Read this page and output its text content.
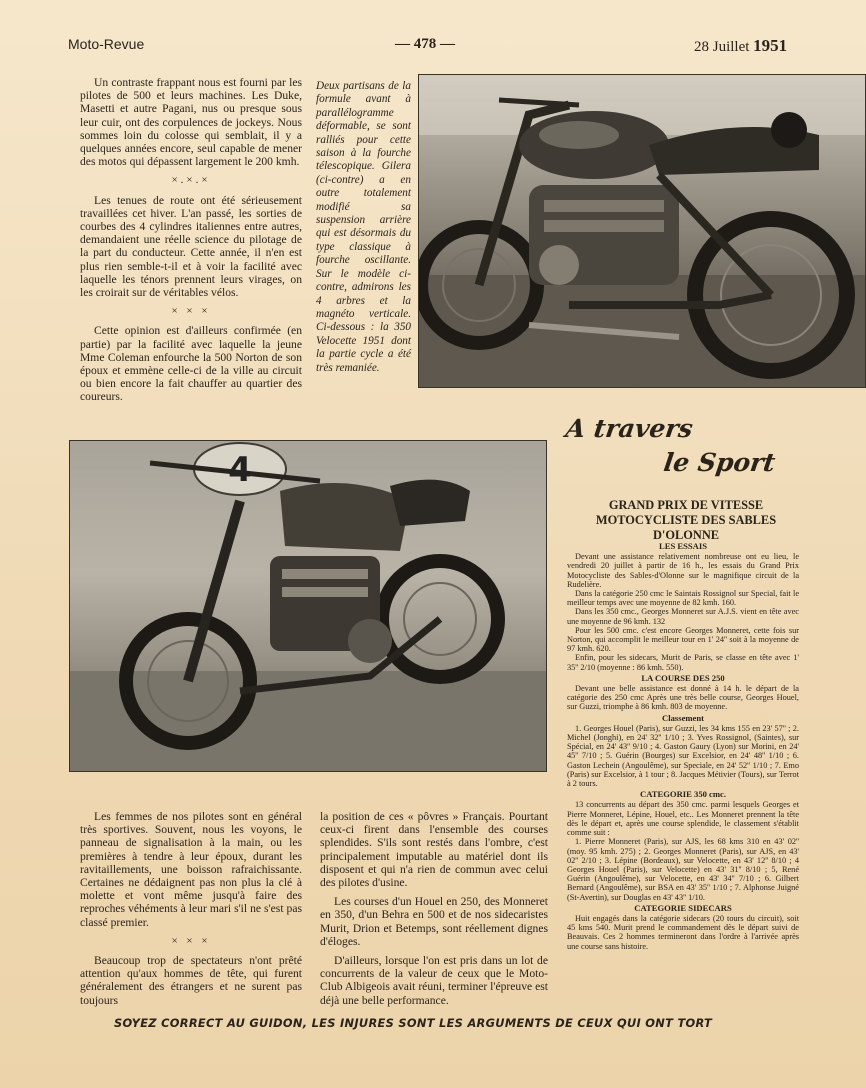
Moto-Revue	— 478 —	28 Juillet 1951

Un contraste frappant nous est fourni par les pilotes de 500 et leurs machines. Les Duke, Masetti et autre Pagani, nus ou presque sous leur cuir, ont des corpulences de jockeys. Nous sommes loin du colosse qui semblait, il y a quelques années encore, seul capable de mener des motos qui dépassent largement le 200 kmh.

×.×.×

Les tenues de route ont été sérieusement travaillées cet hiver. L'an passé, les sorties de courbes des 4 cylindres italiennes entre autres, demandaient une réelle science du pilotage de la part du conducteur. Cette année, il n'en est plus rien semble-t-il et à voir la facilité avec laquelle les ténors prennent leurs virages, on les croirait sur de véritables vélos.

× × ×

Cette opinion est d'ailleurs confirmée (en partie) par la facilité avec laquelle la jeune Mme Coleman enfourche la 500 Norton de son époux et emmène celle-ci de la ville au circuit ou bien encore la fait chauffer au quartier des coureurs.

Deux partisans de la formule avant à parallélogramme déformable, se sont ralliés pour cette saison à la fourche télescopique. Gilera (ci-contre) a en outre totalement modifié sa suspension arrière qui est désormais du type classique à fourche oscillante. Sur le modèle ci-contre, admirons les 4 arbres et la magnéto verticale. Ci-dessous : la 350 Velocette 1951 dont la partie cycle a été très remaniée.
4
A travers
le Sport
GRAND PRIX DE VITESSE MOTOCYCLISTE DES SABLES D'OLONNE
LES ESSAIS

Devant une assistance relativement nombreuse ont eu lieu, le vendredi 20 juillet à partir de 16 h., les essais du Grand Prix Motocycliste des Sables-d'Olonne sur le magnifique circuit de la Rudelière.

Dans la catégorie 250 cmc le Saintais Rossignol sur Special, fait le meilleur temps avec une moyenne de 82 kmh. 160.

Dans les 350 cmc., Georges Monneret sur A.J.S. vient en tête avec une moyenne de 96 kmh. 132

Pour les 500 cmc. c'est encore Georges Monneret, cette fois sur Norton, qui accomplit le meilleur tour en 1' 24'' soit à la moyenne de 97 kmh. 620.

Enfin, pour les sidecars, Murit de Paris, se classe en tête avec 1' 35'' 2/10 (moyenne : 86 kmh. 550).

LA COURSE DES 250

Devant une belle assistance est donné à 14 h. le départ de la catégorie des 250 cmc Après une très belle course, Georges Houel, sur Guzzi, triomphe à 86 kmh. 803 de moyenne.

Classement

1. Georges Houel (Paris), sur Guzzi, les 34 kms 155 en 23' 57'' ; 2. Michel (Jonghi), en 24' 32'' 1/10 ; 3. Yves Rossignol, (Saintes), sur Spécial, en 24' 43'' 9/10 ; 4. Gaston Gaury (Lyon) sur Morini, en 24' 45'' 7/10 ; 5. Guérin (Bourges) sur Excelsior, en 24' 48'' 1/10 ; 6. Gaston Lechein (Angoulême), sur Speciale, en 24' 52'' 1/10 ; 7. Emo (Paris) sur Excelsior, à 1 tour ; 8. Jacques Métivier (Tours), sur Terrot à 2 tours.

CATEGORIE 350 cmc.

13 concurrents au départ des 350 cmc. parmi lesquels Georges et Pierre Monneret, Lépine, Houel, etc.. Les Monneret prennent la tête dès le départ et, après une course splendide, le classement s'établit comme suit :

1. Pierre Monneret (Paris), sur AJS, les 68 kms 310 en 43' 02'' (moy. 95 kmh. 275) ; 2. Georges Monneret (Paris), sur AJS, en 43' 02'' 2/10 ; 3. Lépine (Bordeaux), sur Velocette, en 43' 12'' 8/10 ; 4 Georges Houel (Paris), sur Velocette) en 43' 31'' 8/10 ; 5, René Guérin (Angoulême), sur Velocette, en 43' 34'' 7/10 ; 6. Gilbert Bernard (Angoulême), sur BSA en 43' 35'' 1/10 ; 7. Alphonse Juigné (St-Avertin), sur Douglas en 43' 43'' 1/10.

CATEGORIE SIDECARS

Huit engagés dans la catégorie sidecars (20 tours du circuit), soit 45 kms 540. Murit prend le commandement dès le départ suivi de Beauvais. Ces 2 hommes termineront dans l'ordre à l'arrivée après une course sans histoire.

Les femmes de nos pilotes sont en général très sportives. Souvent, nous les voyons, le panneau de signalisation à la main, ou les premières à tendre à leur époux, durant les ravitaillements, une boisson rafraichissante. Certaines ne dédaignent pas non plus la clé à molette et vont même jusqu'à faire des reproches véhéments à leur mari s'il ne s'est pas classé premier.

× × ×

Beaucoup trop de spectateurs n'ont prêté attention qu'aux hommes de tête, qui furent généralement des étrangers et ne surent pas toujours

la position de ces « pôvres » Français. Pourtant ceux-ci firent dans l'ensemble des courses splendides. S'ils sont restés dans l'ombre, c'est principalement imputable au matériel dont ils disposent et qui n'a rien de commun avec celui des pilotes d'usine.

Les courses d'un Houel en 250, des Monneret en 350, d'un Behra en 500 et de nos sidecaristes Murit, Drion et Betemps, sont réellement dignes d'éloges.

D'ailleurs, lorsque l'on est pris dans un lot de concurrents de la valeur de ceux que le Moto-Club Albigeois avait réuni, terminer l'épreuve est déjà une belle performance.

SOYEZ CORRECT AU GUIDON, LES INJURES SONT LES ARGUMENTS DE CEUX QUI ONT TORT
